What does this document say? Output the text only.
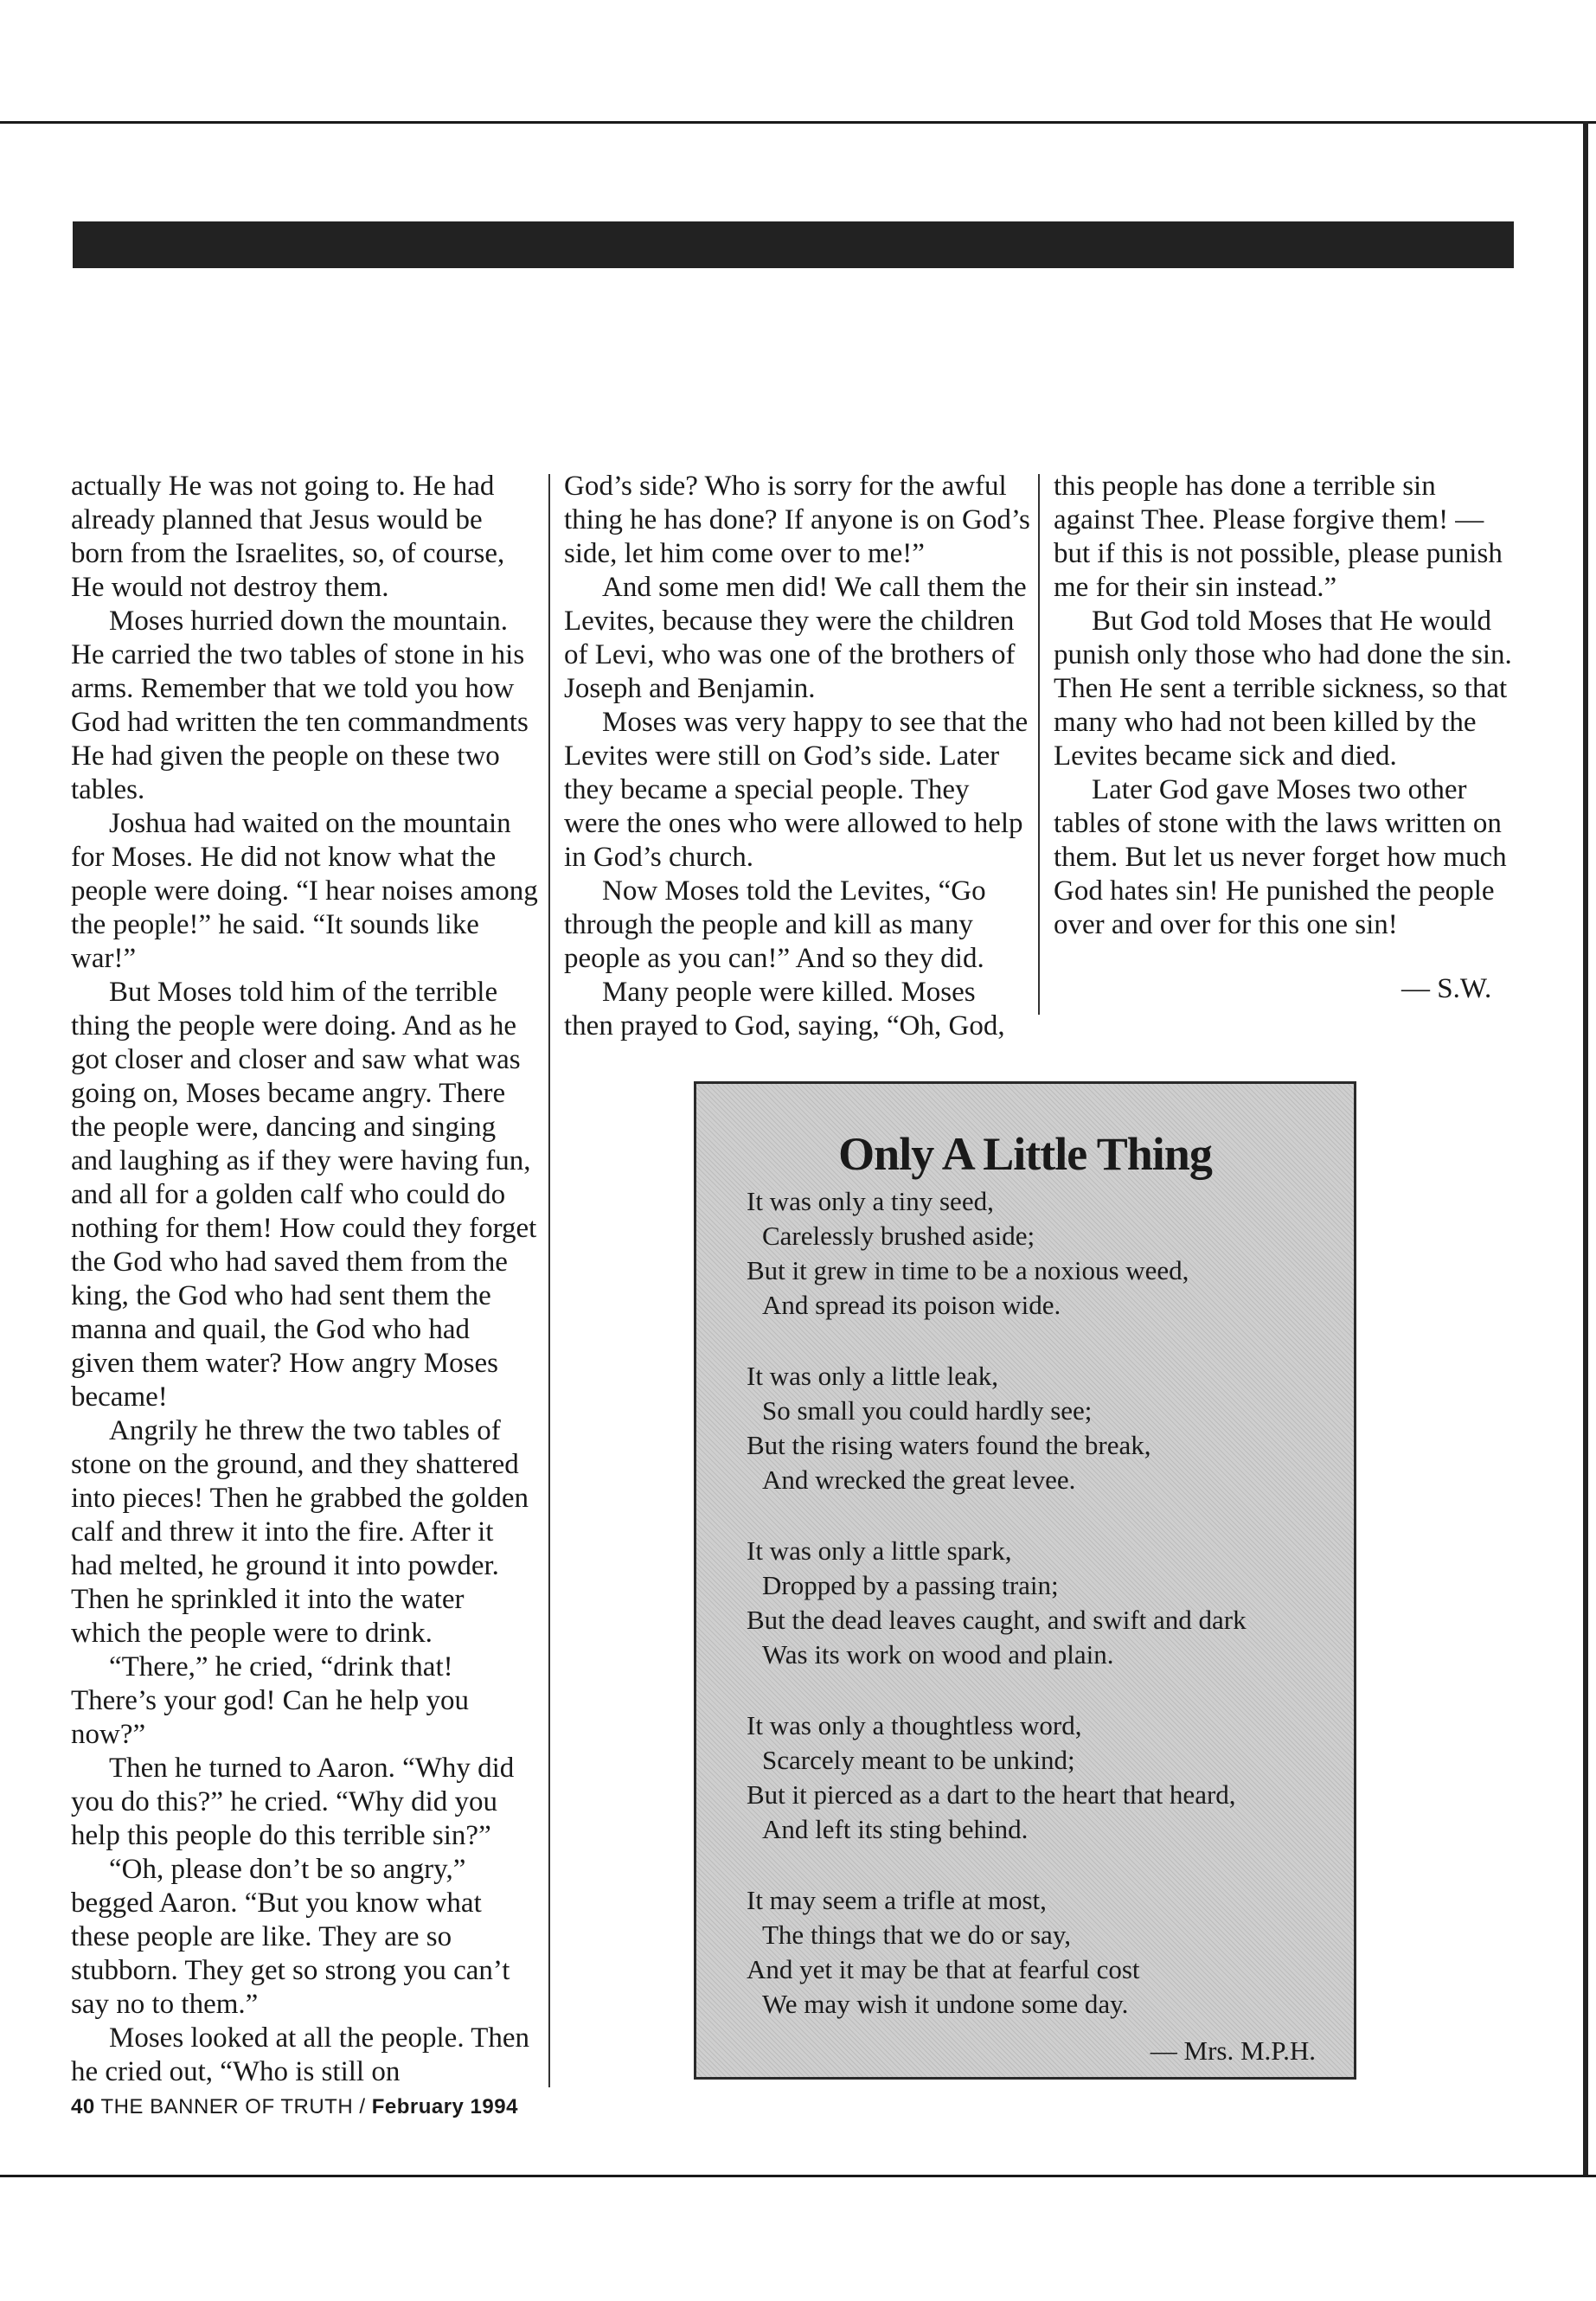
actually He was not going to. He had already planned that Jesus would be born from the Israelites, so, of course, He would not destroy them.

Moses hurried down the mountain. He carried the two tables of stone in his arms. Remember that we told you how God had written the ten commandments He had given the people on these two tables.

Joshua had waited on the mountain for Moses. He did not know what the people were doing. “I hear noises among the people!” he said. “It sounds like war!”

But Moses told him of the terrible thing the people were doing. And as he got closer and closer and saw what was going on, Moses became angry. There the people were, dancing and singing and laughing as if they were having fun, and all for a golden calf who could do nothing for them! How could they forget the God who had saved them from the king, the God who had sent them the manna and quail, the God who had given them water? How angry Moses became!

Angrily he threw the two tables of stone on the ground, and they shattered into pieces! Then he grabbed the golden calf and threw it into the fire. After it had melted, he ground it into powder. Then he sprinkled it into the water which the people were to drink.

“There,” he cried, “drink that! There’s your god! Can he help you now?”

Then he turned to Aaron. “Why did you do this?” he cried. “Why did you help this people do this terrible sin?”

“Oh, please don’t be so angry,” begged Aaron. “But you know what these people are like. They are so stubborn. They get so strong you can’t say no to them.”

Moses looked at all the people. Then he cried out, “Who is still on

God’s side? Who is sorry for the awful thing he has done? If anyone is on God’s side, let him come over to me!”

And some men did! We call them the Levites, because they were the children of Levi, who was one of the brothers of Joseph and Benjamin.

Moses was very happy to see that the Levites were still on God’s side. Later they became a special people. They were the ones who were allowed to help in God’s church.

Now Moses told the Levites, “Go through the people and kill as many people as you can!” And so they did.

Many people were killed. Moses then prayed to God, saying, “Oh, God,

this people has done a terrible sin against Thee. Please forgive them! — but if this is not possible, please punish me for their sin instead.”

But God told Moses that He would punish only those who had done the sin. Then He sent a terrible sickness, so that many who had not been killed by the Levites became sick and died.

Later God gave Moses two other tables of stone with the laws written on them. But let us never forget how much God hates sin! He punished the people over and over for this one sin!

— S.W.
Only A Little Thing
It was only a tiny seed,
Carelessly brushed aside;
But it grew in time to be a noxious weed,
And spread its poison wide.
It was only a little leak,
So small you could hardly see;
But the rising waters found the break,
And wrecked the great levee.
It was only a little spark,
Dropped by a passing train;
But the dead leaves caught, and swift and dark
Was its work on wood and plain.
It was only a thoughtless word,
Scarcely meant to be unkind;
But it pierced as a dart to the heart that heard,
And left its sting behind.
It may seem a trifle at most,
The things that we do or say,
And yet it may be that at fearful cost
We may wish it undone some day.
— Mrs. M.P.H.
40 THE BANNER OF TRUTH / February 1994
